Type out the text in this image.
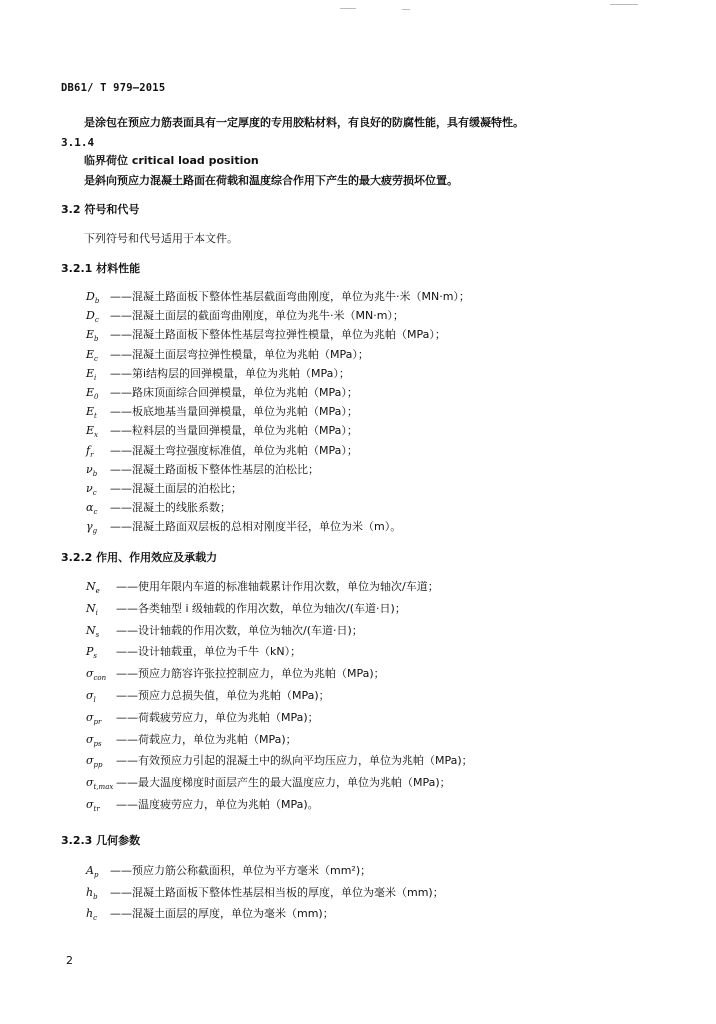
DB61/ T 979—2015
是涂包在预应力筋表面具有一定厚度的专用胶粘材料，有良好的防腐性能，具有缓凝特性。
3.1.4
临界荷位 critical load position
是斜向预应力混凝土路面在荷载和温度综合作用下产生的最大疲劳损坏位置。
3.2 符号和代号
下列符号和代号适用于本文件。
3.2.1 材料性能
$D_b$ ——混凝土路面板下整体性基层截面弯曲刚度，单位为兆牛·米（MN·m）；
$D_c$ ——混凝土面层的截面弯曲刚度，单位为兆牛·米（MN·m）；
$E_b$ ——混凝土路面板下整体性基层弯拉弹性模量，单位为兆帕（MPa）；
$E_c$ ——混凝土面层弯拉弹性模量，单位为兆帕（MPa）；
$E_i$ ——第i结构层的回弹模量，单位为兆帕（MPa）；
$E_0$ ——路床顶面综合回弹模量，单位为兆帕（MPa）；
$E_t$ ——板底地基当量回弹模量，单位为兆帕（MPa）；
$E_x$ ——粒料层的当量回弹模量，单位为兆帕（MPa）；
$f_r$ ——混凝土弯拉强度标准值，单位为兆帕（MPa）；
$\nu_b$ ——混凝土路面板下整体性基层的泊松比；
$\nu_c$ ——混凝土面层的泊松比；
$\alpha_c$ ——混凝土的线胀系数；
$\gamma_g$ ——混凝土路面双层板的总相对刚度半径，单位为米（m）。
3.2.2 作用、作用效应及承载力
$N_e$ ——使用年限内车道的标准轴载累计作用次数，单位为轴次/车道；
$N_i$ ——各类轴型 i 级轴载的作用次数，单位为轴次/(车道·日)；
$N_s$ ——设计轴载的作用次数，单位为轴次/(车道·日)；
$P_s$ ——设计轴载重，单位为千牛（kN）；
$\sigma_{con}$ ——预应力筋容许张拉控制应力，单位为兆帕（MPa)；
$\sigma_l$ ——预应力总损失值，单位为兆帕（MPa)；
$\sigma_{pr}$ ——荷载疲劳应力，单位为兆帕（MPa)；
$\sigma_{ps}$ ——荷载应力，单位为兆帕（MPa)；
$\sigma_{pp}$ ——有效预应力引起的混凝土中的纵向平均压应力，单位为兆帕（MPa)；
$\sigma_{t,max}$ ——最大温度梯度时面层产生的最大温度应力，单位为兆帕（MPa)；
$\sigma_{tr}$ ——温度疲劳应力，单位为兆帕（MPa)。
3.2.3 几何参数
$A_p$ ——预应力筋公称截面积，单位为平方毫米（mm²)；
$h_b$ ——混凝土路面板下整体性基层相当板的厚度，单位为毫米（mm)；
$h_c$ ——混凝土面层的厚度，单位为毫米（mm)；
2
